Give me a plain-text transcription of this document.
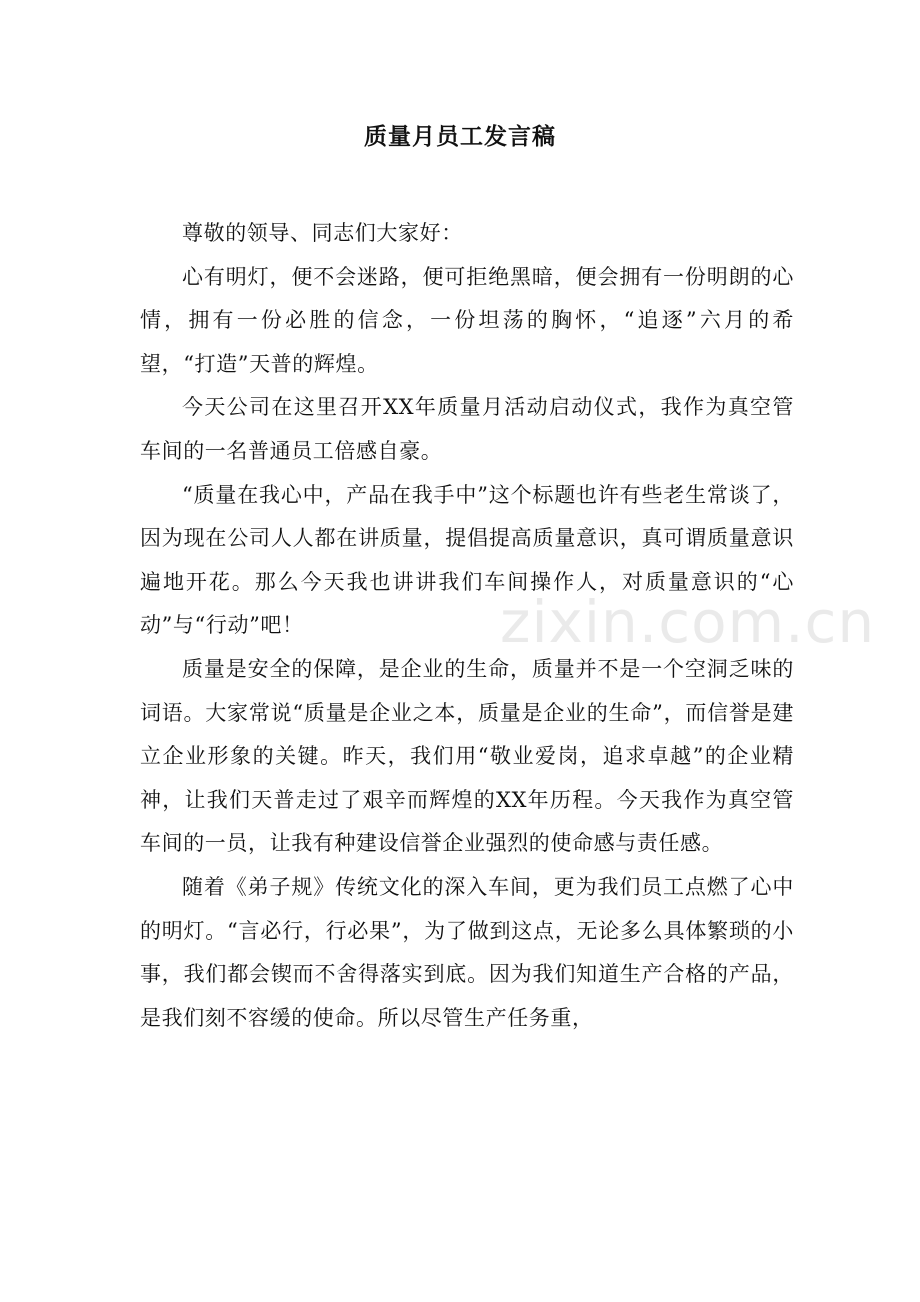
质量月员工发言稿

尊敬的领导、同志们大家好：

心有明灯，便不会迷路，便可拒绝黑暗，便会拥有一份明朗的心情，拥有一份必胜的信念，一份坦荡的胸怀，“追逐”六月的希望，“打造”天普的辉煌。

今天公司在这里召开XX年质量月活动启动仪式，我作为真空管车间的一名普通员工倍感自豪。

“质量在我心中，产品在我手中”这个标题也许有些老生常谈了，因为现在公司人人都在讲质量，提倡提高质量意识，真可谓质量意识遍地开花。那么今天我也讲讲我们车间操作人，对质量意识的“心动”与“行动”吧！

质量是安全的保障，是企业的生命，质量并不是一个空洞乏味的词语。大家常说“质量是企业之本，质量是企业的生命”，而信誉是建立企业形象的关键。昨天，我们用“敬业爱岗，追求卓越”的企业精神，让我们天普走过了艰辛而辉煌的XX年历程。今天我作为真空管车间的一员，让我有种建设信誉企业强烈的使命感与责任感。

随着《弟子规》传统文化的深入车间，更为我们员工点燃了心中的明灯。“言必行，行必果”，为了做到这点，无论多么具体繁琐的小事，我们都会锲而不舍得落实到底。因为我们知道生产合格的产品，是我们刻不容缓的使命。所以尽管生产任务重，

zixin.com.cn
